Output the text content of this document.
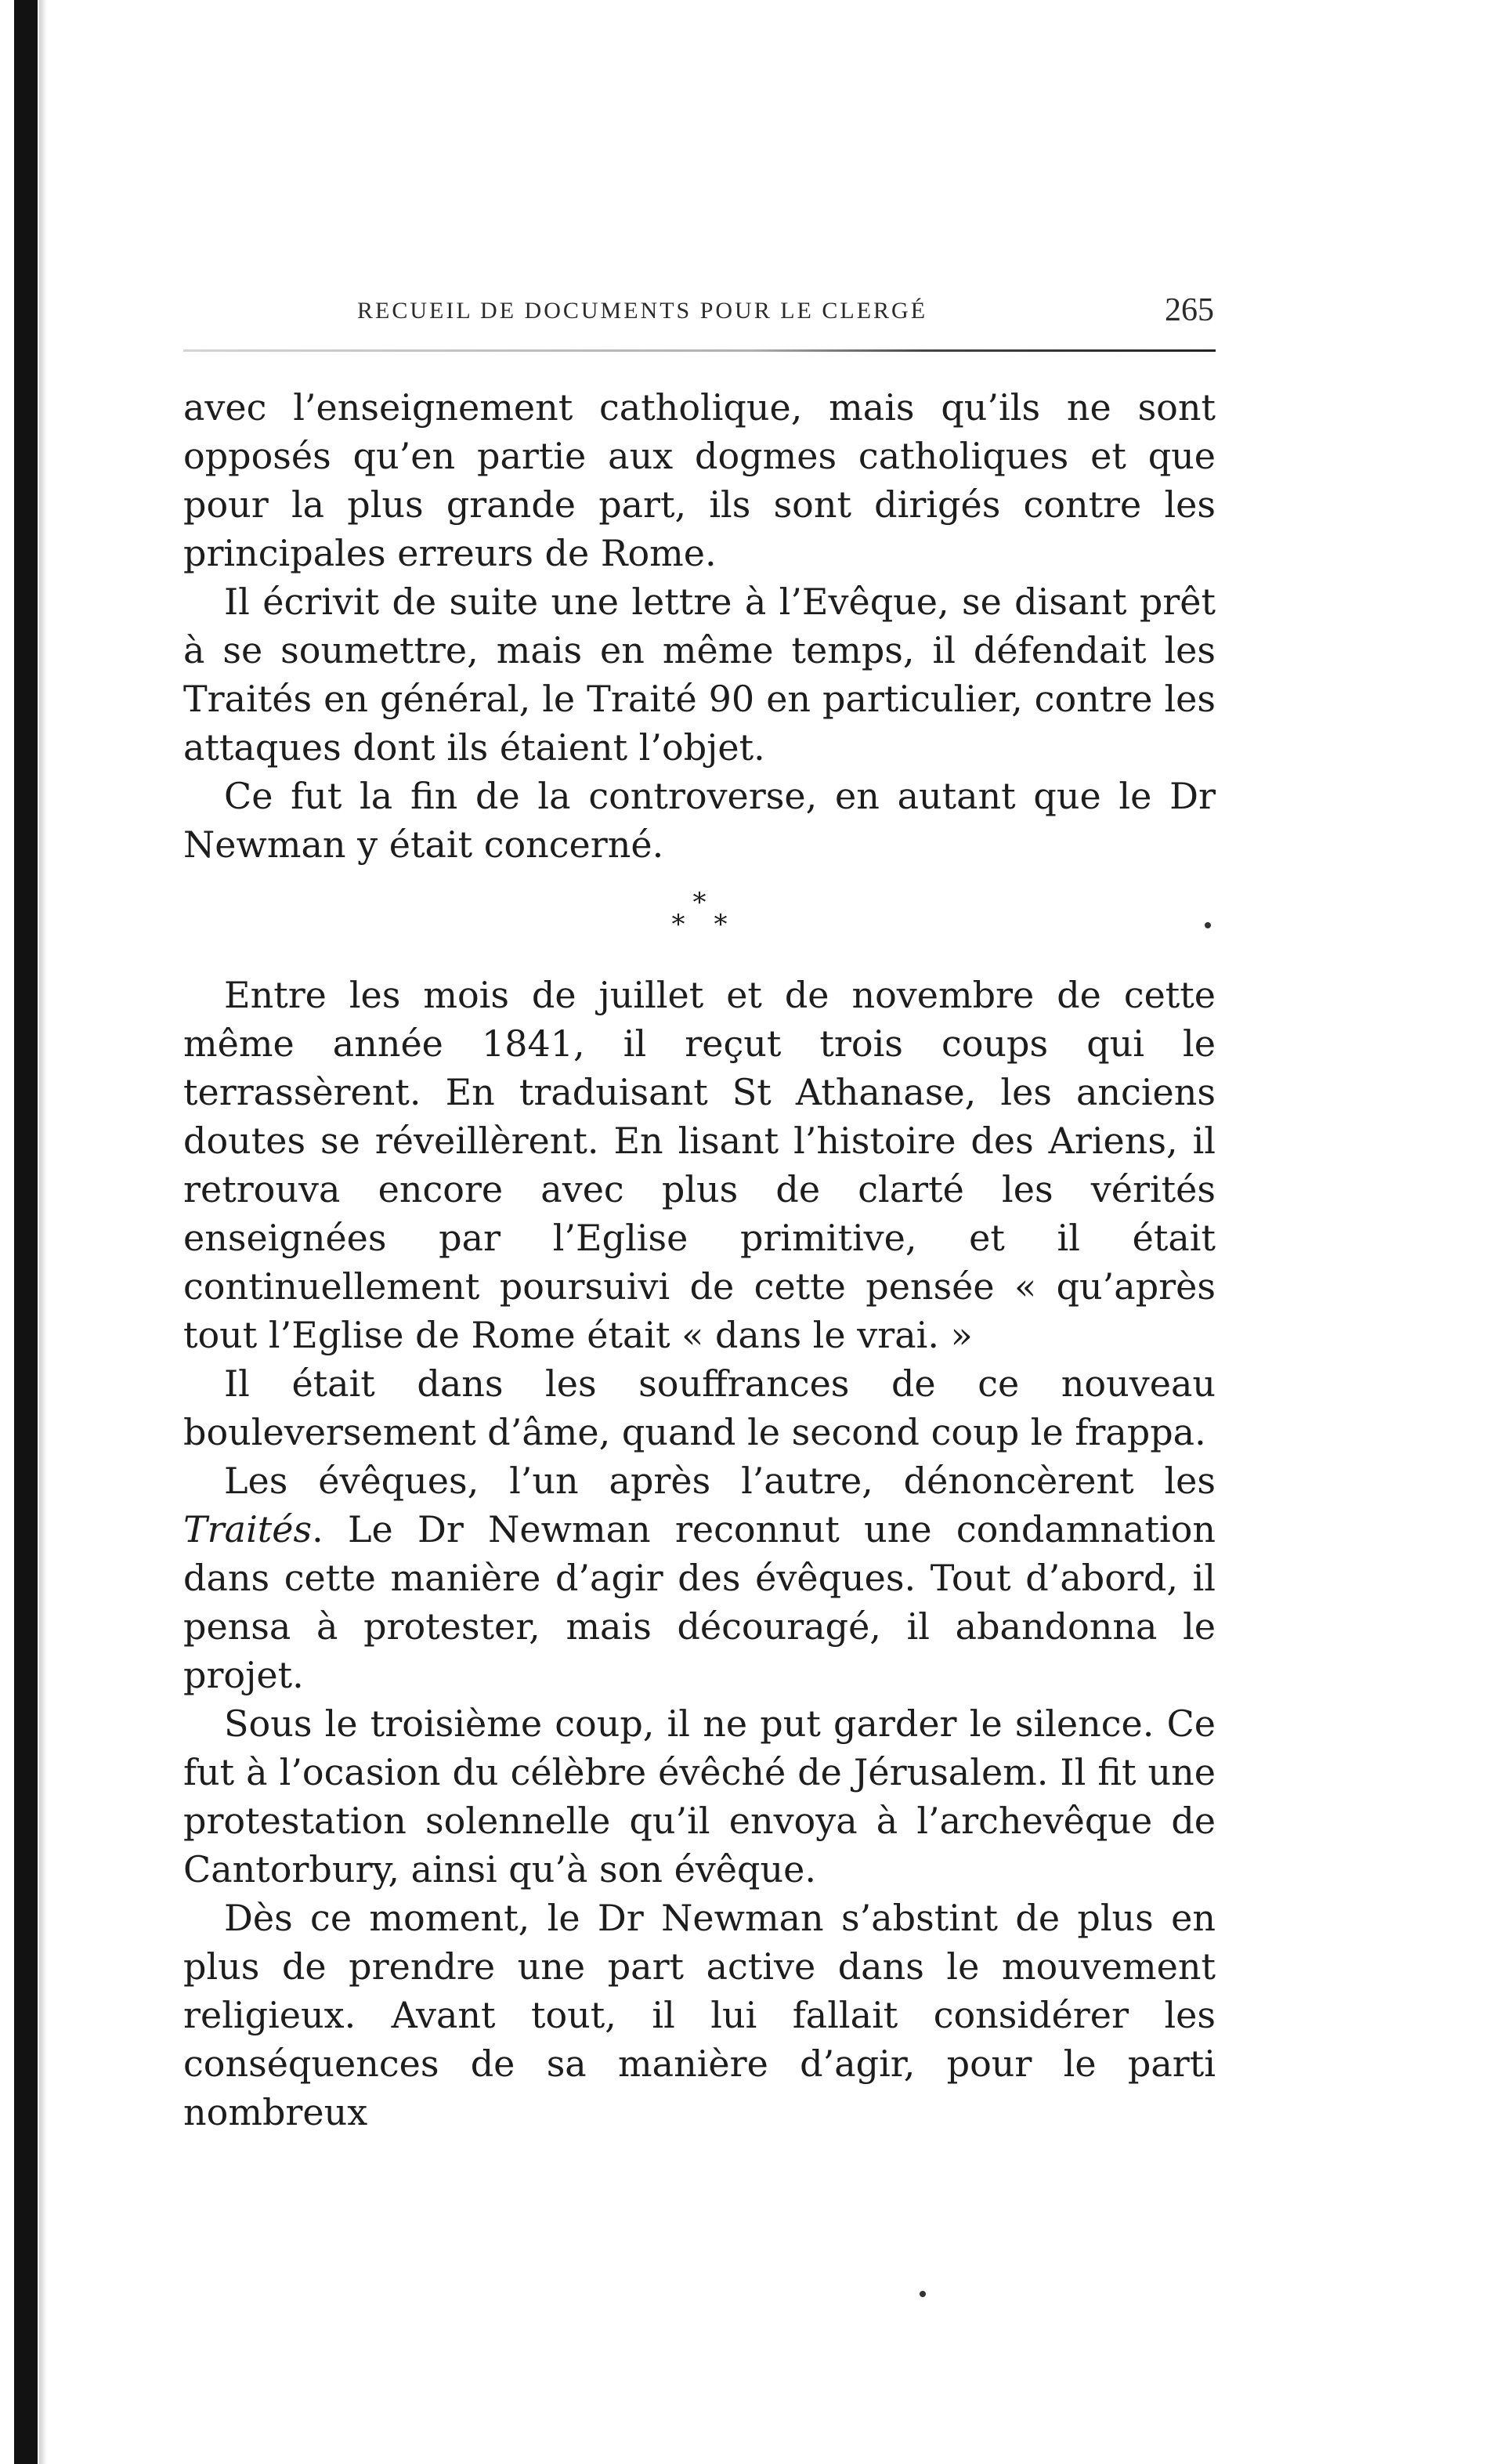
RECUEIL DE DOCUMENTS POUR LE CLERGÉ	265

avec l’enseignement catholique, mais qu’ils ne sont opposés qu’en partie aux dogmes catholiques et que pour la plus grande part, ils sont dirigés contre les principales erreurs de Rome.

Il écrivit de suite une lettre à l’Evêque, se disant prêt à se soumettre, mais en même temps, il défendait les Traités en général, le Traité 90 en particulier, contre les attaques dont ils étaient l’objet.

Ce fut la fin de la controverse, en autant que le Dr Newman y était concerné.

*
* *

Entre les mois de juillet et de novembre de cette même année 1841, il reçut trois coups qui le terrassèrent. En traduisant St Athanase, les anciens doutes se réveillèrent. En lisant l’histoire des Ariens, il retrouva encore avec plus de clarté les vérités enseignées par l’Eglise primitive, et il était continuellement poursuivi de cette pensée « qu’après tout l’Eglise de Rome était « dans le vrai. »

Il était dans les souffrances de ce nouveau bouleversement d’âme, quand le second coup le frappa.

Les évêques, l’un après l’autre, dénoncèrent les Traités. Le Dr Newman reconnut une condamnation dans cette manière d’agir des évêques. Tout d’abord, il pensa à protester, mais découragé, il abandonna le projet.

Sous le troisième coup, il ne put garder le silence. Ce fut à l’ocasion du célèbre évêché de Jérusalem. Il fit une protestation solennelle qu’il envoya à l’archevêque de Cantorbury, ainsi qu’à son évêque.

Dès ce moment, le Dr Newman s’abstint de plus en plus de prendre une part active dans le mouvement religieux. Avant tout, il lui fallait considérer les conséquences de sa manière d’agir, pour le parti nombreux
